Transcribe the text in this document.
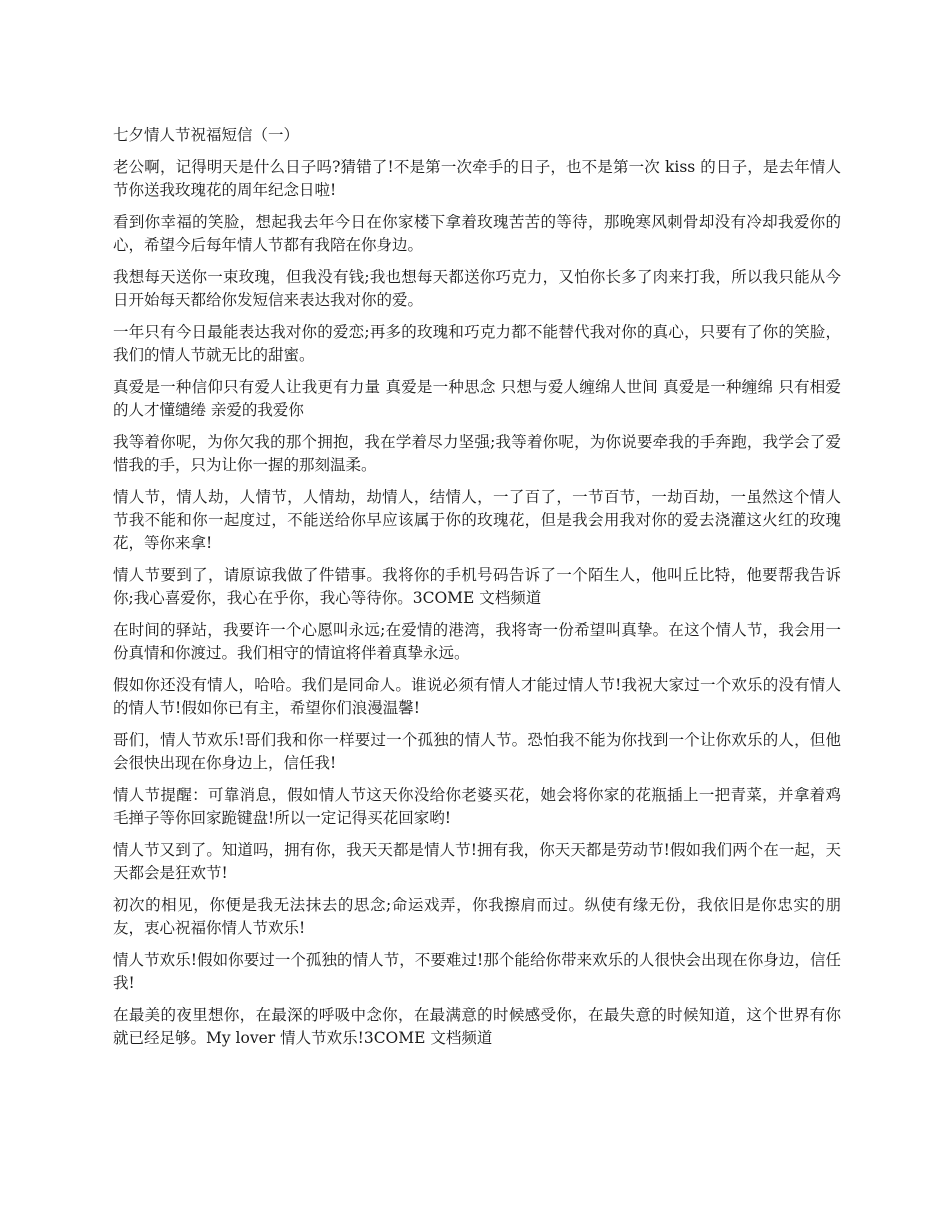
七夕情人节祝福短信（一）

老公啊，记得明天是什么日子吗?猜错了!不是第一次牵手的日子，也不是第一次 kiss 的日子，是去年情人节你送我玫瑰花的周年纪念日啦!

看到你幸福的笑脸，想起我去年今日在你家楼下拿着玫瑰苦苦的等待，那晚寒风刺骨却没有冷却我爱你的心，希望今后每年情人节都有我陪在你身边。

我想每天送你一束玫瑰，但我没有钱;我也想每天都送你巧克力，又怕你长多了肉来打我，所以我只能从今日开始每天都给你发短信来表达我对你的爱。

一年只有今日最能表达我对你的爱恋;再多的玫瑰和巧克力都不能替代我对你的真心，只要有了你的笑脸，我们的情人节就无比的甜蜜。

真爱是一种信仰只有爱人让我更有力量 真爱是一种思念 只想与爱人缠绵人世间 真爱是一种缠绵 只有相爱的人才懂缱绻 亲爱的我爱你

我等着你呢，为你欠我的那个拥抱，我在学着尽力坚强;我等着你呢，为你说要牵我的手奔跑，我学会了爱惜我的手，只为让你一握的那刻温柔。

情人节，情人劫，人情节，人情劫，劫情人，结情人，一了百了，一节百节，一劫百劫，一虽然这个情人节我不能和你一起度过，不能送给你早应该属于你的玫瑰花，但是我会用我对你的爱去浇灌这火红的玫瑰花，等你来拿!

情人节要到了，请原谅我做了件错事。我将你的手机号码告诉了一个陌生人，他叫丘比特，他要帮我告诉你;我心喜爱你，我心在乎你，我心等待你。3COME 文档频道

在时间的驿站，我要许一个心愿叫永远;在爱情的港湾，我将寄一份希望叫真挚。在这个情人节，我会用一份真情和你渡过。我们相守的情谊将伴着真挚永远。

假如你还没有情人，哈哈。我们是同命人。谁说必须有情人才能过情人节!我祝大家过一个欢乐的没有情人的情人节!假如你已有主，希望你们浪漫温馨!

哥们，情人节欢乐!哥们我和你一样要过一个孤独的情人节。恐怕我不能为你找到一个让你欢乐的人，但他会很快出现在你身边上，信任我!

情人节提醒：可靠消息，假如情人节这天你没给你老婆买花，她会将你家的花瓶插上一把青菜，并拿着鸡毛掸子等你回家跪键盘!所以一定记得买花回家哟!

情人节又到了。知道吗，拥有你，我天天都是情人节!拥有我，你天天都是劳动节!假如我们两个在一起，天天都会是狂欢节!

初次的相见，你便是我无法抹去的思念;命运戏弄，你我擦肩而过。纵使有缘无份，我依旧是你忠实的朋友，衷心祝福你情人节欢乐!

情人节欢乐!假如你要过一个孤独的情人节，不要难过!那个能给你带来欢乐的人很快会出现在你身边，信任我!

在最美的夜里想你，在最深的呼吸中念你，在最满意的时候感受你，在最失意的时候知道，这个世界有你就已经足够。My lover 情人节欢乐!3COME 文档频道
